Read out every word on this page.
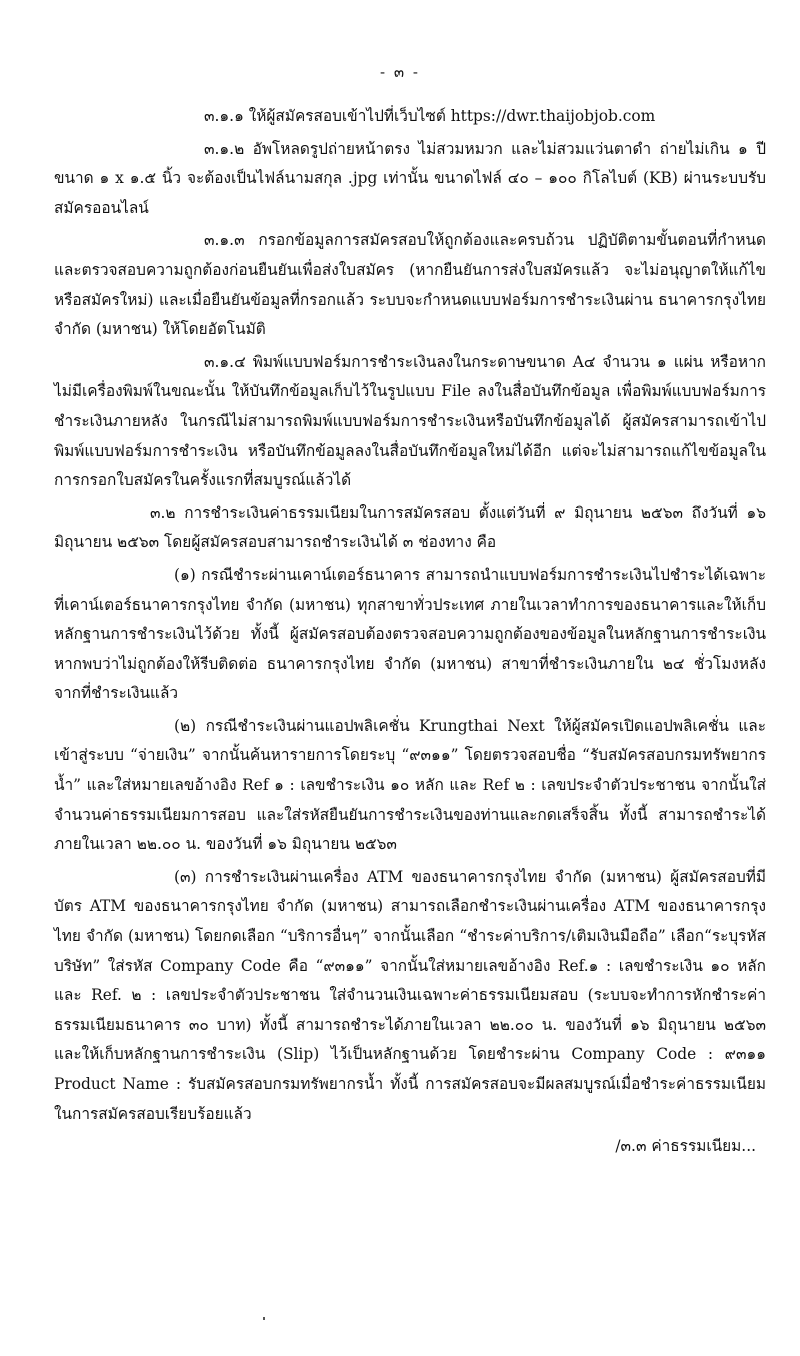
- ๓ -

๓.๑.๑ ให้ผู้สมัครสอบเข้าไปที่เว็บไซต์ https://dwr.thaijobjob.com

๓.๑.๒ อัพโหลดรูปถ่ายหน้าตรง ไม่สวมหมวก และไม่สวมแว่นตาดำ ถ่ายไม่เกิน ๑ ปี ขนาด ๑ x ๑.๕ นิ้ว จะต้องเป็นไฟล์นามสกุล .jpg เท่านั้น ขนาดไฟล์ ๔๐ – ๑๐๐ กิโลไบต์ (KB) ผ่านระบบรับสมัครออนไลน์

๓.๑.๓ กรอกข้อมูลการสมัครสอบให้ถูกต้องและครบถ้วน ปฏิบัติตามขั้นตอนที่กำหนด และตรวจสอบความถูกต้องก่อนยืนยันเพื่อส่งใบสมัคร (หากยืนยันการส่งใบสมัครแล้ว จะไม่อนุญาตให้แก้ไขหรือสมัครใหม่) และเมื่อยืนยันข้อมูลที่กรอกแล้ว ระบบจะกำหนดแบบฟอร์มการชำระเงินผ่าน ธนาคารกรุงไทย จำกัด (มหาชน) ให้โดยอัตโนมัติ

๓.๑.๔ พิมพ์แบบฟอร์มการชำระเงินลงในกระดาษขนาด A๔ จำนวน ๑ แผ่น หรือหากไม่มีเครื่องพิมพ์ในขณะนั้น ให้บันทึกข้อมูลเก็บไว้ในรูปแบบ File ลงในสื่อบันทึกข้อมูล เพื่อพิมพ์แบบฟอร์มการชำระเงินภายหลัง ในกรณีไม่สามารถพิมพ์แบบฟอร์มการชำระเงินหรือบันทึกข้อมูลได้ ผู้สมัครสามารถเข้าไปพิมพ์แบบฟอร์มการชำระเงิน หรือบันทึกข้อมูลลงในสื่อบันทึกข้อมูลใหม่ได้อีก แต่จะไม่สามารถแก้ไขข้อมูลในการกรอกใบสมัครในครั้งแรกที่สมบูรณ์แล้วได้

๓.๒ การชำระเงินค่าธรรมเนียมในการสมัครสอบ ตั้งแต่วันที่ ๙ มิถุนายน ๒๕๖๓ ถึงวันที่ ๑๖ มิถุนายน ๒๕๖๓ โดยผู้สมัครสอบสามารถชำระเงินได้ ๓ ช่องทาง คือ

(๑) กรณีชำระผ่านเคาน์เตอร์ธนาคาร สามารถนำแบบฟอร์มการชำระเงินไปชำระได้เฉพาะที่เคาน์เตอร์ธนาคารกรุงไทย จำกัด (มหาชน) ทุกสาขาทั่วประเทศ ภายในเวลาทำการของธนาคารและให้เก็บหลักฐานการชำระเงินไว้ด้วย ทั้งนี้ ผู้สมัครสอบต้องตรวจสอบความถูกต้องของข้อมูลในหลักฐานการชำระเงิน หากพบว่าไม่ถูกต้องให้รีบติดต่อ ธนาคารกรุงไทย จำกัด (มหาชน) สาขาที่ชำระเงินภายใน ๒๔ ชั่วโมงหลังจากที่ชำระเงินแล้ว

(๒) กรณีชำระเงินผ่านแอปพลิเคชั่น Krungthai Next ให้ผู้สมัครเปิดแอปพลิเคชั่น และเข้าสู่ระบบ “จ่ายเงิน” จากนั้นค้นหารายการโดยระบุ “๙๓๑๑” โดยตรวจสอบชื่อ “รับสมัครสอบกรมทรัพยากรน้ำ” และใส่หมายเลขอ้างอิง Ref ๑ : เลขชำระเงิน ๑๐ หลัก และ Ref ๒ : เลขประจำตัวประชาชน จากนั้นใส่จำนวนค่าธรรมเนียมการสอบ และใส่รหัสยืนยันการชำระเงินของท่านและกดเสร็จสิ้น ทั้งนี้ สามารถชำระได้ภายในเวลา ๒๒.๐๐ น. ของวันที่ ๑๖ มิถุนายน ๒๕๖๓

(๓) การชำระเงินผ่านเครื่อง ATM ของธนาคารกรุงไทย จำกัด (มหาชน) ผู้สมัครสอบที่มีบัตร ATM ของธนาคารกรุงไทย จำกัด (มหาชน) สามารถเลือกชำระเงินผ่านเครื่อง ATM ของธนาคารกรุงไทย จำกัด (มหาชน) โดยกดเลือก “บริการอื่นๆ” จากนั้นเลือก “ชำระค่าบริการ/เติมเงินมือถือ” เลือก“ระบุรหัสบริษัท” ใส่รหัส Company Code คือ “๙๓๑๑” จากนั้นใส่หมายเลขอ้างอิง Ref.๑ : เลขชำระเงิน ๑๐ หลัก และ Ref. ๒ : เลขประจำตัวประชาชน ใส่จำนวนเงินเฉพาะค่าธรรมเนียมสอบ (ระบบจะทำการหักชำระค่าธรรมเนียมธนาคาร ๓๐ บาท) ทั้งนี้ สามารถชำระได้ภายในเวลา ๒๒.๐๐ น. ของวันที่ ๑๖ มิถุนายน ๒๕๖๓ และให้เก็บหลักฐานการชำระเงิน (Slip) ไว้เป็นหลักฐานด้วย โดยชำระผ่าน Company Code : ๙๓๑๑ Product Name : รับสมัครสอบกรมทรัพยากรน้ำ ทั้งนี้ การสมัครสอบจะมีผลสมบูรณ์เมื่อชำระค่าธรรมเนียมในการสมัครสอบเรียบร้อยแล้ว

/๓.๓ ค่าธรรมเนียม...
